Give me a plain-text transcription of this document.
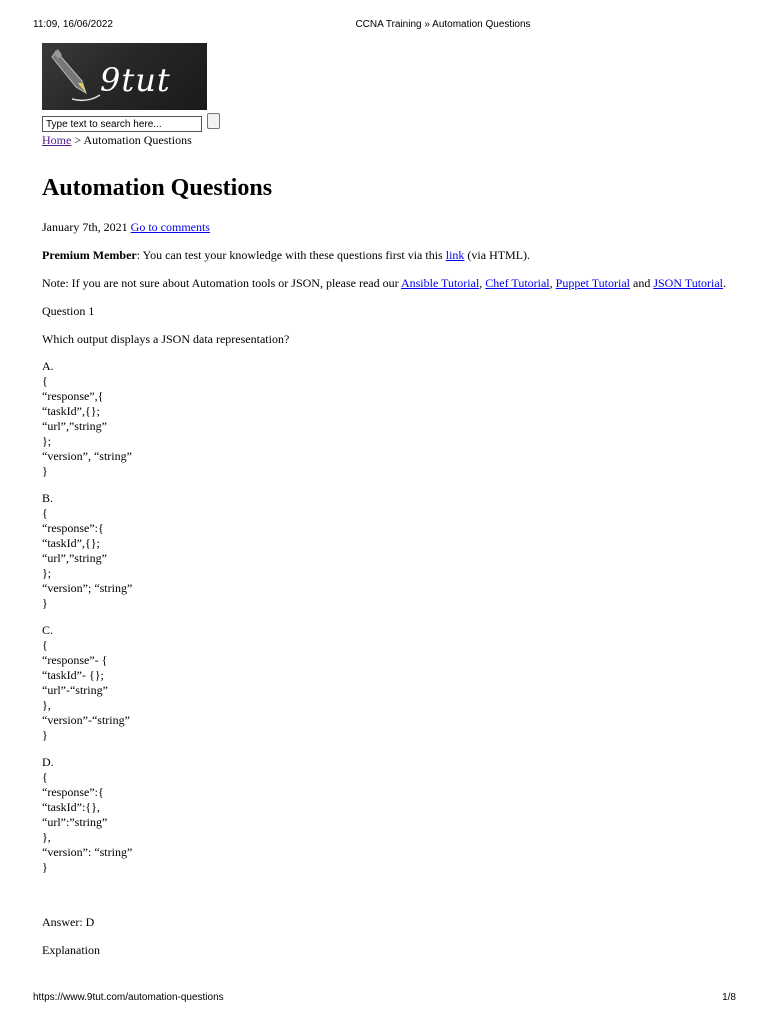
11:09, 16/06/2022	CCNA Training » Automation Questions
9tut
Type text to search here...
Home > Automation Questions
Automation Questions

January 7th, 2021 Go to comments

Premium Member: You can test your knowledge with these questions first via this link (via HTML).

Note: If you are not sure about Automation tools or JSON, please read our Ansible Tutorial, Chef Tutorial, Puppet Tutorial and JSON Tutorial.

Question 1

Which output displays a JSON data representation?

A.
{
“response”,{
“taskId”,{};
“url”,”string”
};
“version”, “string”
}
B.
{
“response”:{
“taskId”,{};
“url”,”string”
};
“version”; “string”
}
C.
{
“response”- {
“taskId”- {};
“url”-“string”
},
“version”-“string”
}
D.
{
“response”:{
“taskId”:{},
“url”:”string”
},
“version”: “string”
}

Answer: D

Explanation

https://www.9tut.com/automation-questions	1/8
